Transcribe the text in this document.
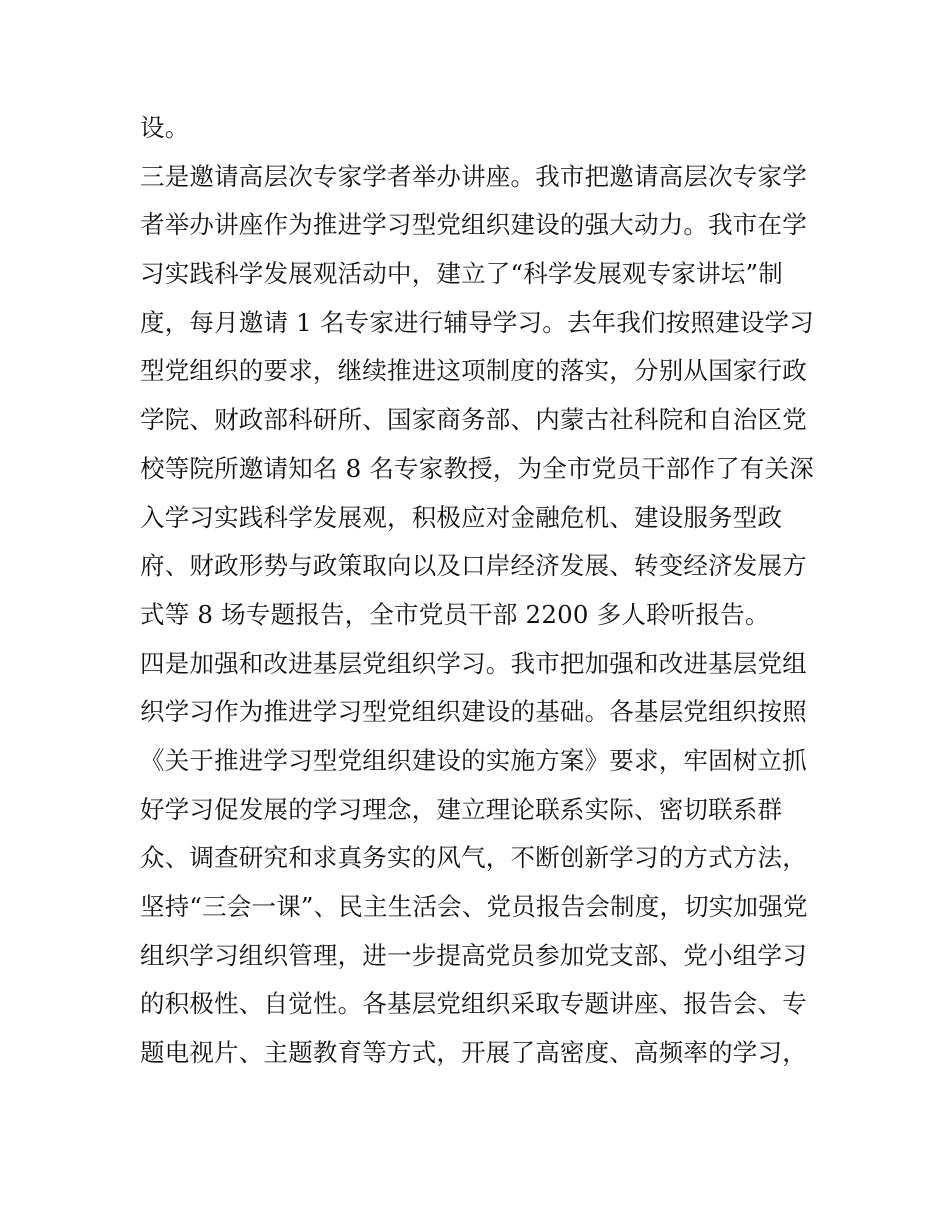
设。
三是邀请高层次专家学者举办讲座。我市把邀请高层次专家学
者举办讲座作为推进学习型党组织建设的强大动力。我市在学
习实践科学发展观活动中，建立了“科学发展观专家讲坛”制
度，每月邀请 1 名专家进行辅导学习。去年我们按照建设学习
型党组织的要求，继续推进这项制度的落实，分别从国家行政
学院、财政部科研所、国家商务部、内蒙古社科院和自治区党
校等院所邀请知名 8 名专家教授，为全市党员干部作了有关深
入学习实践科学发展观，积极应对金融危机、建设服务型政
府、财政形势与政策取向以及口岸经济发展、转变经济发展方
式等 8 场专题报告，全市党员干部 2200 多人聆听报告。
四是加强和改进基层党组织学习。我市把加强和改进基层党组
织学习作为推进学习型党组织建设的基础。各基层党组织按照
《关于推进学习型党组织建设的实施方案》要求，牢固树立抓
好学习促发展的学习理念，建立理论联系实际、密切联系群
众、调查研究和求真务实的风气，不断创新学习的方式方法，
坚持“三会一课”、民主生活会、党员报告会制度，切实加强党
组织学习组织管理，进一步提高党员参加党支部、党小组学习
的积极性、自觉性。各基层党组织采取专题讲座、报告会、专
题电视片、主题教育等方式，开展了高密度、高频率的学习，
